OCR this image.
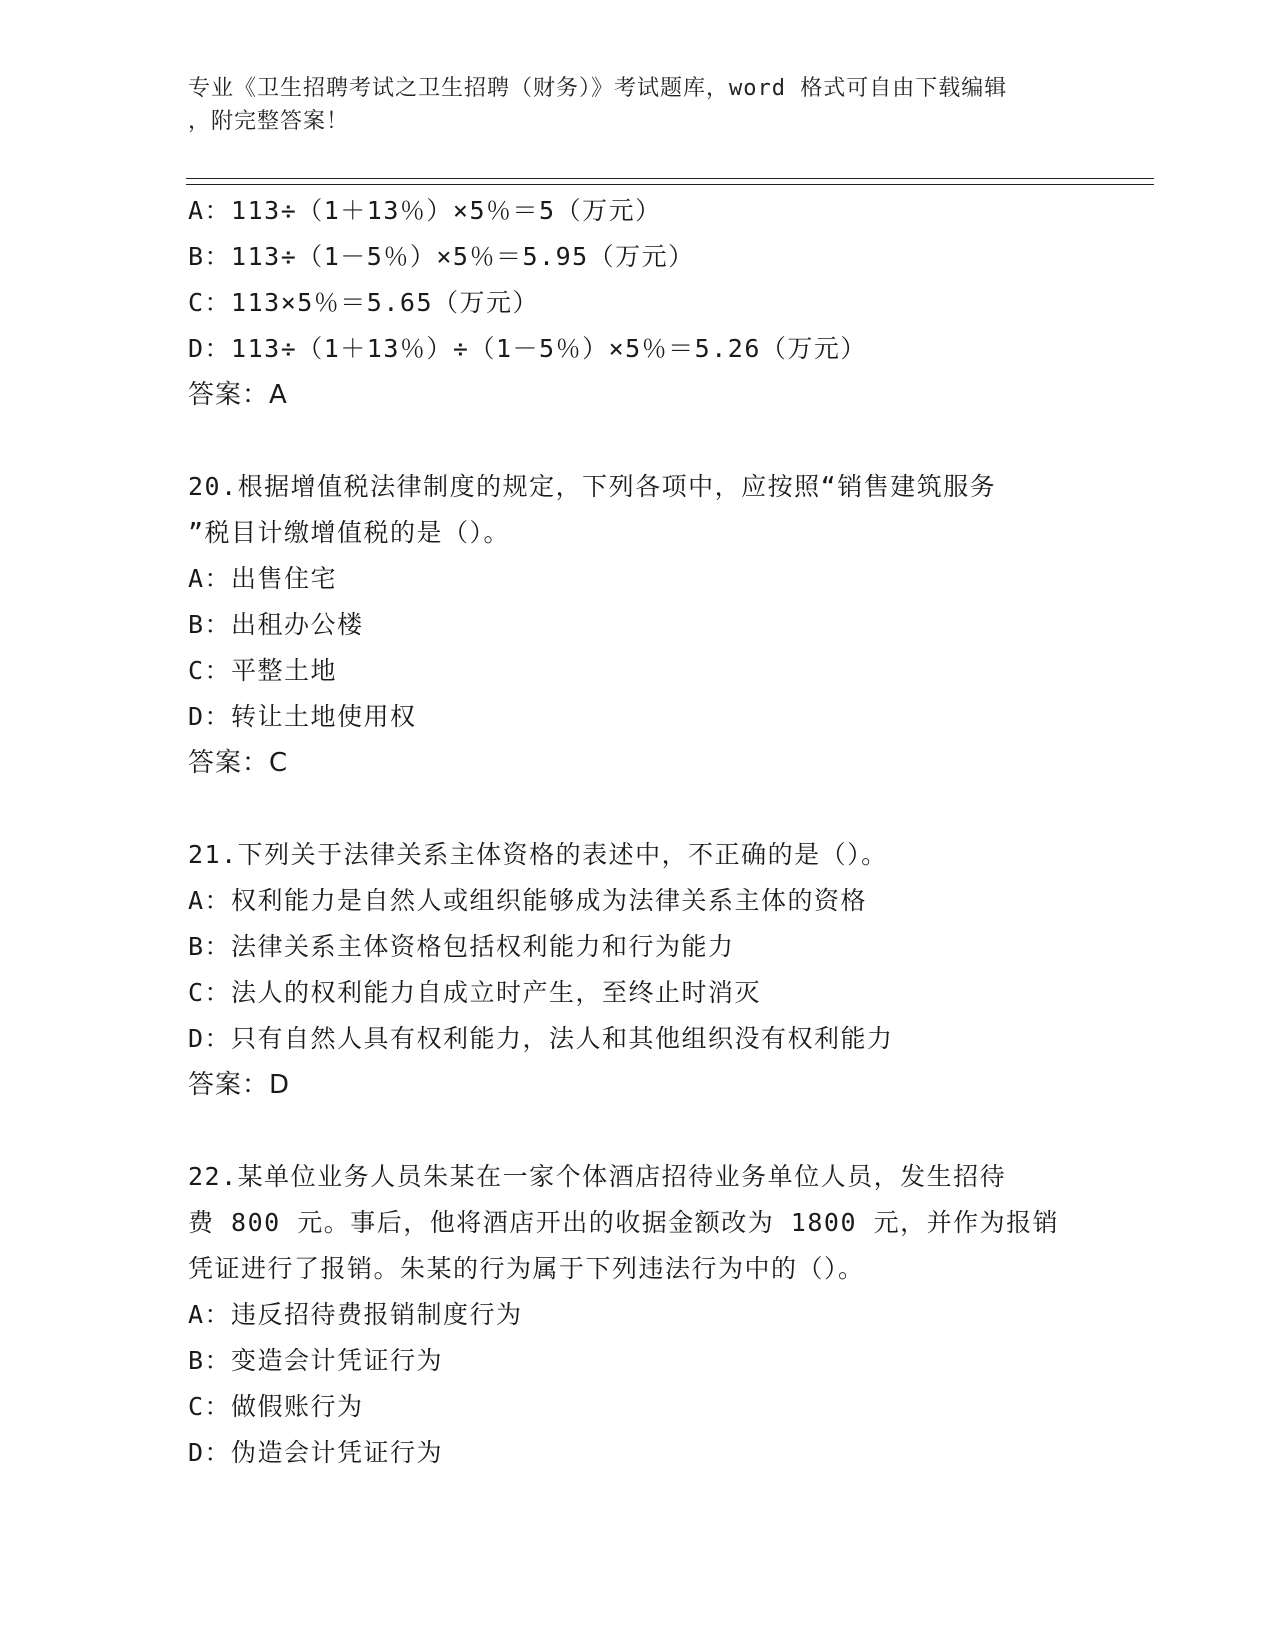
专业《卫生招聘考试之卫生招聘（财务）》考试题库，word 格式可自由下载编辑
，附完整答案！
A：113÷（1＋13％）×5％＝5（万元）
B：113÷（1－5％）×5％＝5.95（万元）
C：113×5％＝5.65（万元）
D：113÷（1＋13％）÷（1－5％）×5％＝5.26（万元）
答案：A
20.根据增值税法律制度的规定，下列各项中，应按照“销售建筑服务
”税目计缴增值税的是（）。
A：出售住宅
B：出租办公楼
C：平整土地
D：转让土地使用权
答案：C
21.下列关于法律关系主体资格的表述中，不正确的是（）。
A：权利能力是自然人或组织能够成为法律关系主体的资格
B：法律关系主体资格包括权利能力和行为能力
C：法人的权利能力自成立时产生，至终止时消灭
D：只有自然人具有权利能力，法人和其他组织没有权利能力
答案：D
22.某单位业务人员朱某在一家个体酒店招待业务单位人员，发生招待
费 800 元。事后，他将酒店开出的收据金额改为 1800 元，并作为报销
凭证进行了报销。朱某的行为属于下列违法行为中的（）。
A：违反招待费报销制度行为
B：变造会计凭证行为
C：做假账行为
D：伪造会计凭证行为
